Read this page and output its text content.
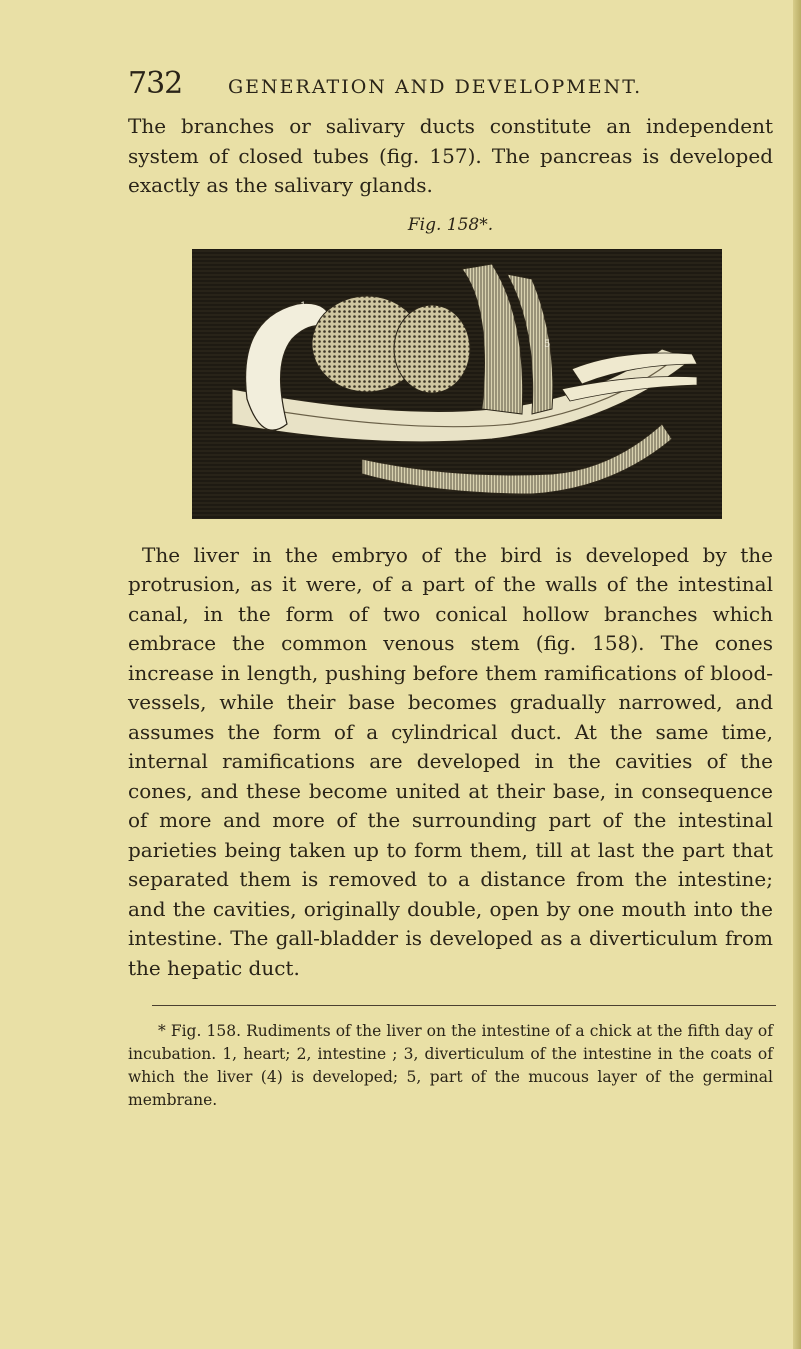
732	GENERATION AND DEVELOPMENT.

The branches or salivary ducts constitute an independent system of closed tubes (fig. 157). The pancreas is developed exactly as the salivary glands.

Fig. 158*.
1
5

The liver in the embryo of the bird is developed by the protrusion, as it were, of a part of the walls of the intestinal canal, in the form of two conical hollow branches which embrace the common venous stem (fig. 158). The cones increase in length, pushing before them ramifications of blood-vessels, while their base becomes gradually narrowed, and assumes the form of a cylindrical duct. At the same time, internal ramifications are developed in the cavities of the cones, and these become united at their base, in consequence of more and more of the surrounding part of the intestinal parieties being taken up to form them, till at last the part that separated them is removed to a distance from the intestine; and the cavities, originally double, open by one mouth into the intestine. The gall-bladder is developed as a diverticulum from the hepatic duct.

* Fig. 158. Rudiments of the liver on the intestine of a chick at the fifth day of incubation. 1, heart; 2, intestine ; 3, diverticulum of the intestine in the coats of which the liver (4) is developed; 5, part of the mucous layer of the germinal membrane.
